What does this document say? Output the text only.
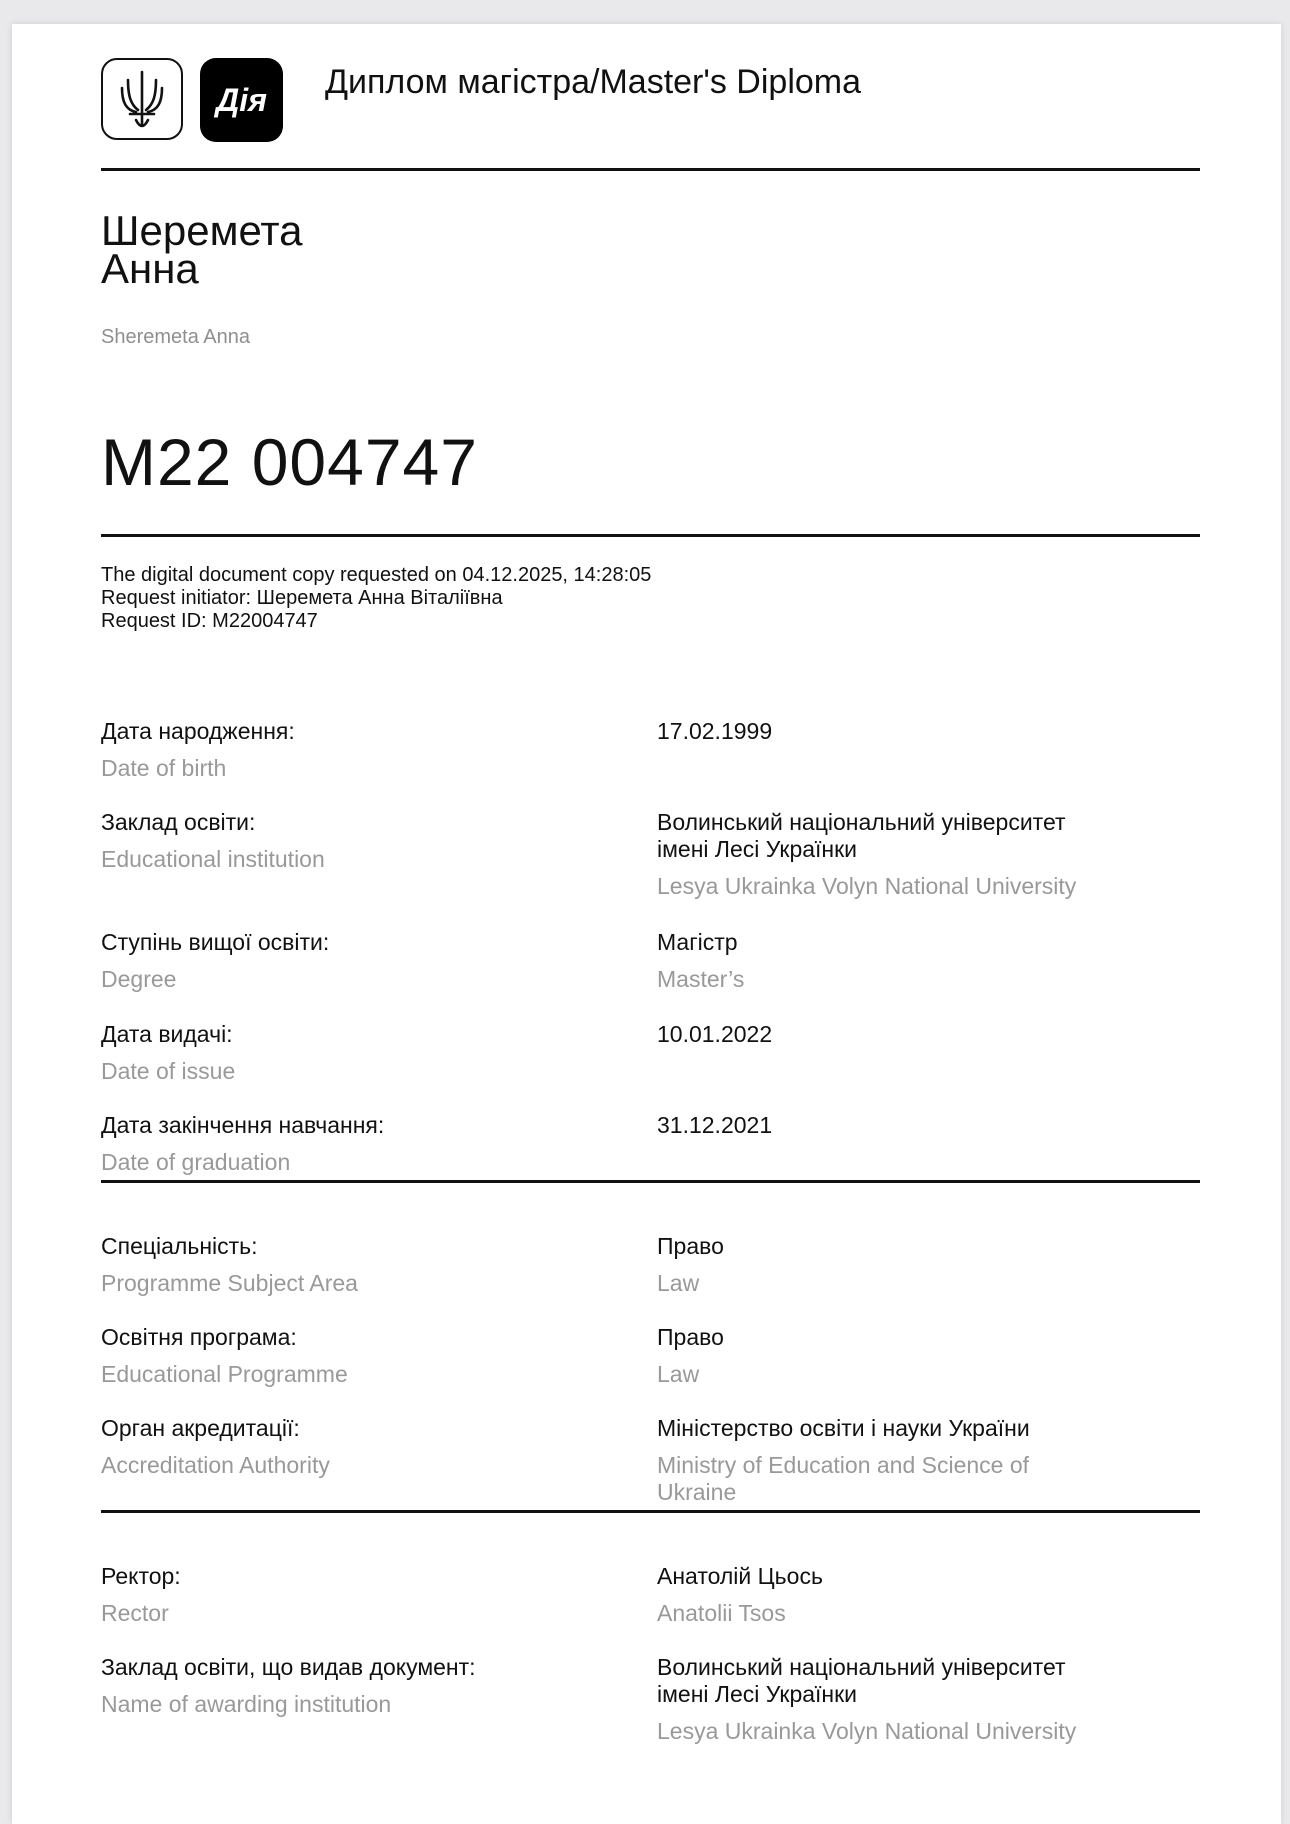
Дія Диплом магістра/Master's Diploma
Шеремета
Анна
Sheremeta Anna
M22 004747
The digital document copy requested on 04.12.2025, 14:28:05
Request initiator: Шеремета Анна Віталіївна
Request ID: M22004747
Дата народження:
Date of birth
17.02.1999
Заклад освіти:
Educational institution
Волинський національний університет
імені Лесі Українки
Lesya Ukrainka Volyn National University
Ступінь вищої освіти:
Degree
Магістр
Master’s
Дата видачі:
Date of issue
10.01.2022
Дата закінчення навчання:
Date of graduation
31.12.2021
Спеціальність:
Programme Subject Area
Право
Law
Освітня програма:
Educational Programme
Право
Law
Орган акредитації:
Accreditation Authority
Міністерство освіти і науки України
Ministry of Education and Science of
Ukraine
Ректор:
Rector
Анатолій Цьось
Anatolii Tsos
Заклад освіти, що видав документ:
Name of awarding institution
Волинський національний університет
імені Лесі Українки
Lesya Ukrainka Volyn National University
